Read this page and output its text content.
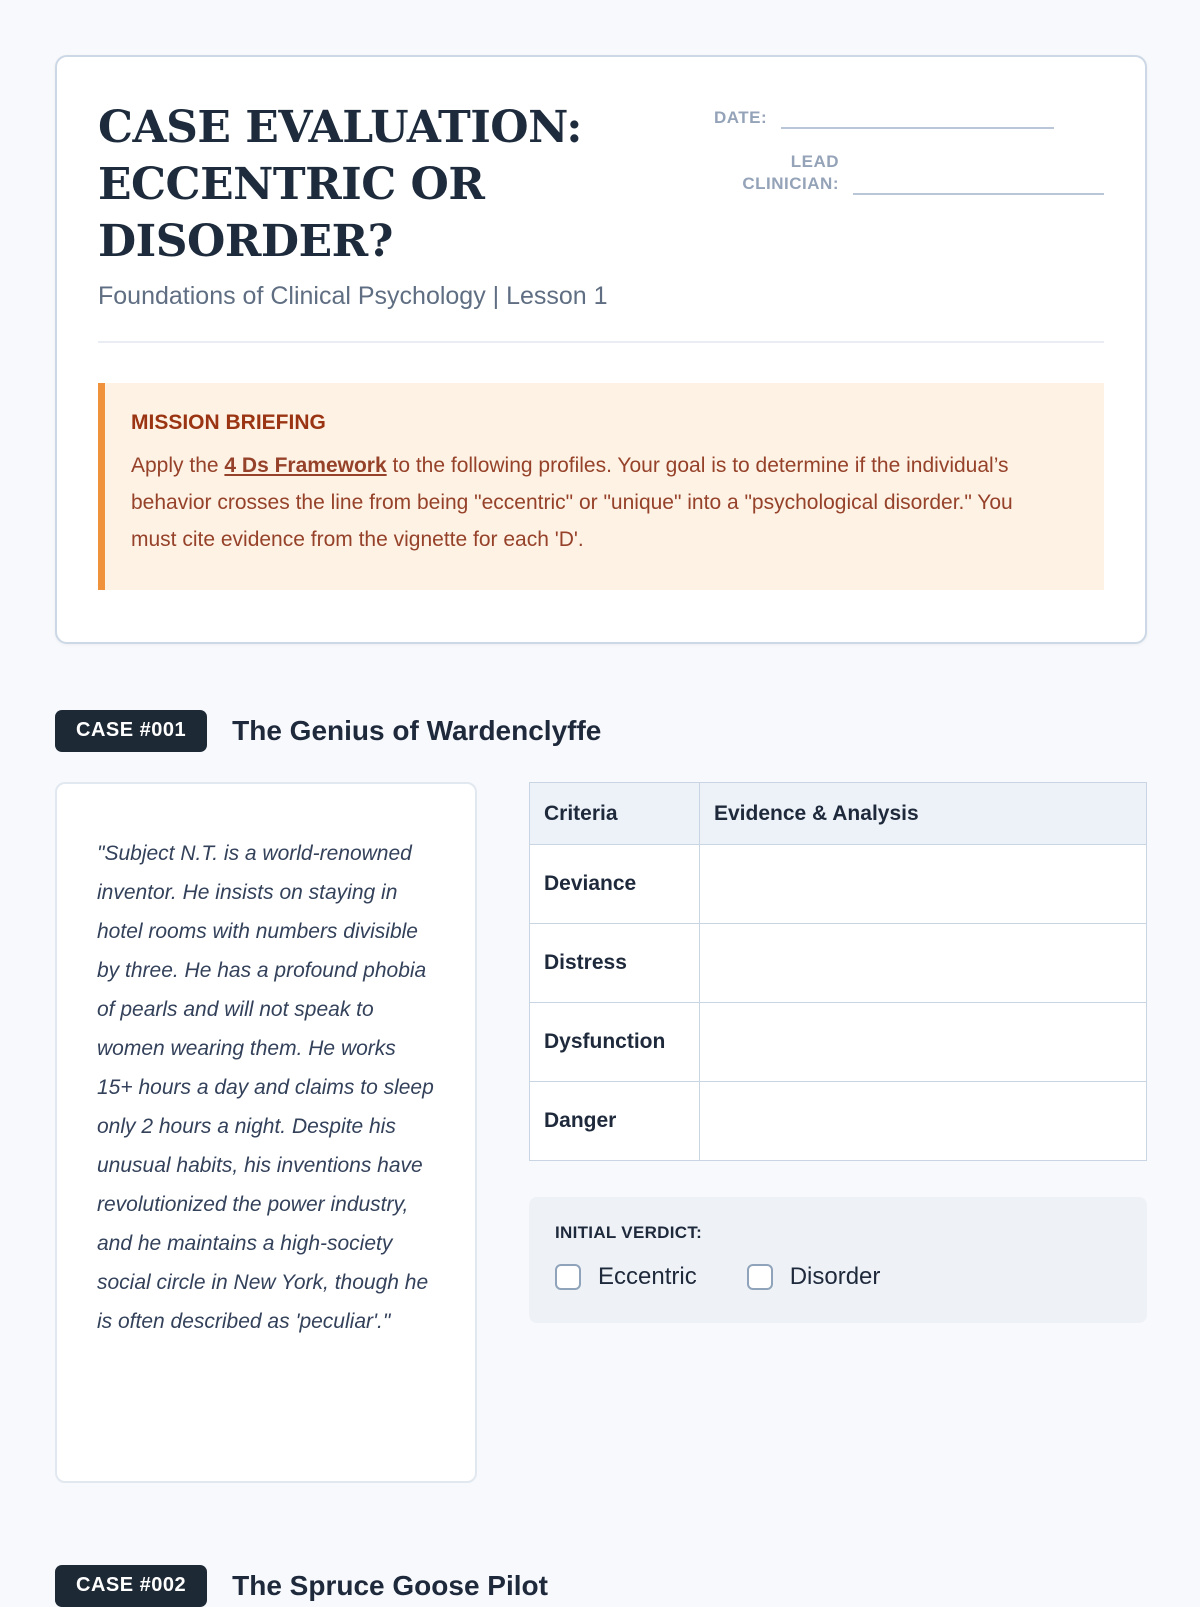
CASE EVALUATION: ECCENTRIC OR DISORDER?
DATE:
LEAD CLINICIAN:
Foundations of Clinical Psychology | Lesson 1
MISSION BRIEFING
Apply the 4 Ds Framework to the following profiles. Your goal is to determine if the individual’s behavior crosses the line from being "eccentric" or "unique" into a "psychological disorder." You must cite evidence from the vignette for each 'D'.
CASE #001	The Genius of Wardenclyffe

"Subject N.T. is a world-renowned inventor. He insists on staying in hotel rooms with numbers divisible by three. He has a profound phobia of pearls and will not speak to women wearing them. He works 15+ hours a day and claims to sleep only 2 hours a night. Despite his unusual habits, his inventions have revolutionized the power industry, and he maintains a high-society social circle in New York, though he is often described as 'peculiar'."

Criteria	Evidence & Analysis
Deviance	
Distress	
Dysfunction	
Danger	
INITIAL VERDICT:
Eccentric	Disorder
CASE #002	The Spruce Goose Pilot
